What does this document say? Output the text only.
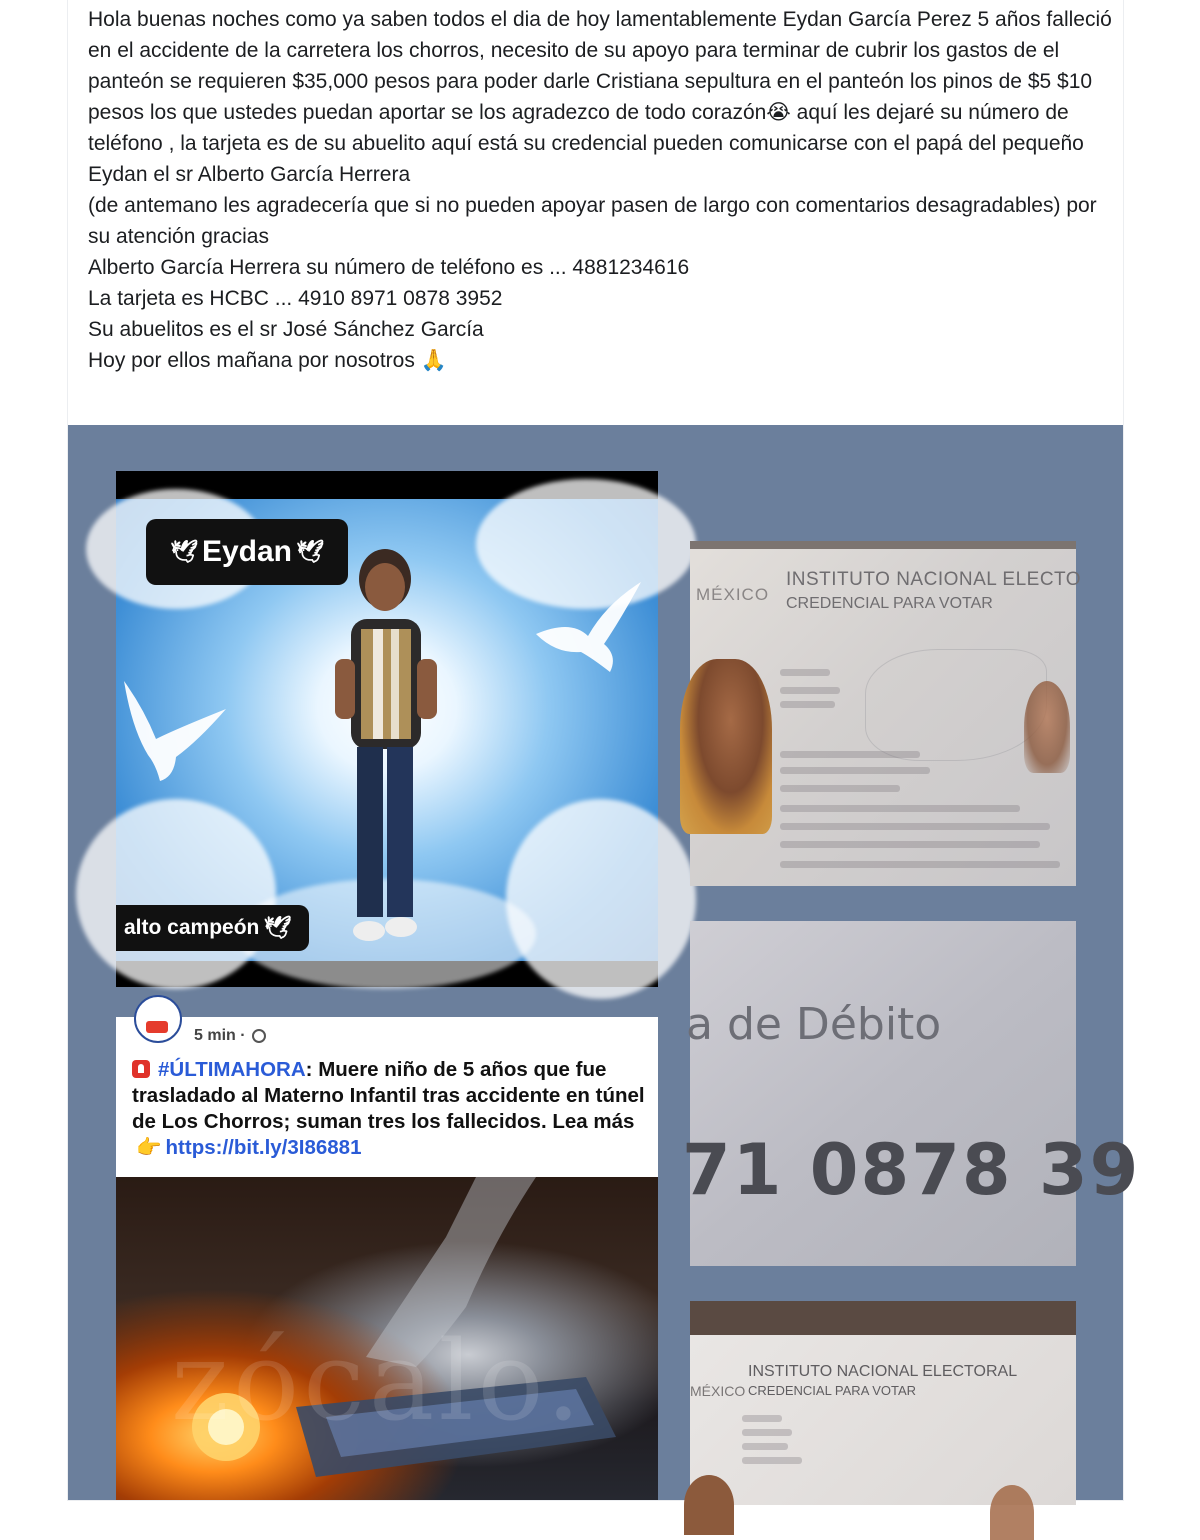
Hola buenas noches como ya saben todos el dia de hoy lamentablemente Eydan García Perez 5 años falleció en el accidente de la carretera los chorros, necesito de su apoyo para terminar de cubrir los gastos de el panteón se requieren $35,000 pesos para poder darle Cristiana sepultura en el panteón los pinos de $5 $10 pesos los que ustedes puedan aportar se los agradezco de todo corazón😭 aquí les dejaré su número de teléfono , la tarjeta es de su abuelito aquí está su credencial pueden comunicarse con el papá del pequeño Eydan el sr Alberto García Herrera

(de antemano les agradecería que si no pueden apoyar pasen de largo con comentarios desagradables) por su atención gracias

Alberto García Herrera su número de teléfono es ... 4881234616

La tarjeta es HCBC ... 4910 8971 0878 3952

Su abuelitos es el sr José Sánchez García

Hoy por ellos mañana por nosotros 🙏

🕊 Eydan 🕊
alto campeón 🕊
5 min ·
#ÚLTIMAHORA: Muere niño de 5 años que fue trasladado al Materno Infantil tras accidente en túnel de Los Chorros; suman tres los fallecidos. Lea más👉 https://bit.ly/3I86881
zócalo.
MÉXICO
INSTITUTO NACIONAL ELECTO
CREDENCIAL PARA VOTAR
a de Débito
71 0878 39
MÉXICO
INSTITUTO NACIONAL ELECTORAL
CREDENCIAL PARA VOTAR
